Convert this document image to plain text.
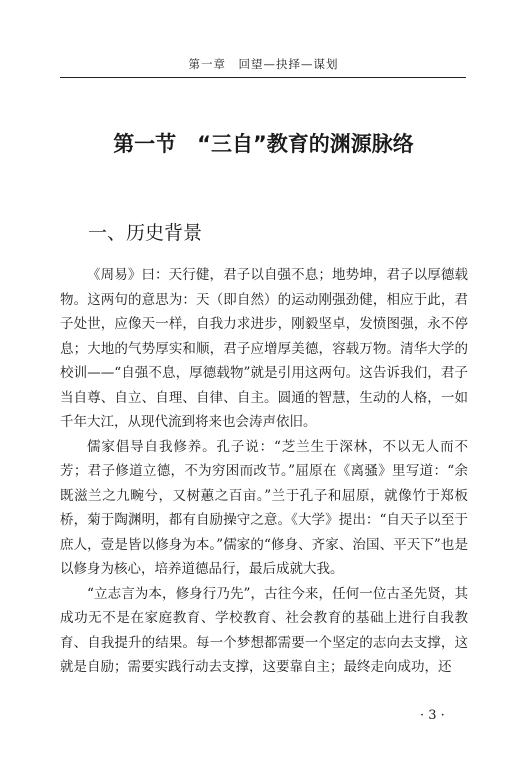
第一章　回望—抉择—谋划
第一节　“三自”教育的渊源脉络
一、历史背景

《周易》曰：天行健，君子以自强不息；地势坤，君子以厚德载物。这两句的意思为：天（即自然）的运动刚强劲健，相应于此，君子处世，应像天一样，自我力求进步，刚毅坚卓，发愤图强，永不停息；大地的气势厚实和顺，君子应增厚美德，容载万物。清华大学的校训——“自强不息，厚德载物”就是引用这两句。这告诉我们，君子当自尊、自立、自理、自律、自主。圆通的智慧，生动的人格，一如千年大江，从现代流到将来也会涛声依旧。

儒家倡导自我修养。孔子说：“芝兰生于深林，不以无人而不芳；君子修道立德，不为穷困而改节。”屈原在《离骚》里写道：“余既滋兰之九畹兮，又树蕙之百亩。”兰于孔子和屈原，就像竹于郑板桥，菊于陶渊明，都有自励操守之意。《大学》提出：“自天子以至于庶人，壹是皆以修身为本。”儒家的“修身、齐家、治国、平天下”也是以修身为核心，培养道德品行，最后成就大我。

“立志言为本，修身行乃先”，古往今来，任何一位古圣先贤，其成功无不是在家庭教育、学校教育、社会教育的基础上进行自我教育、自我提升的结果。每一个梦想都需要一个坚定的志向去支撑，这就是自励；需要实践行动去支撑，这要靠自主；最终走向成功，还

· 3 ·
